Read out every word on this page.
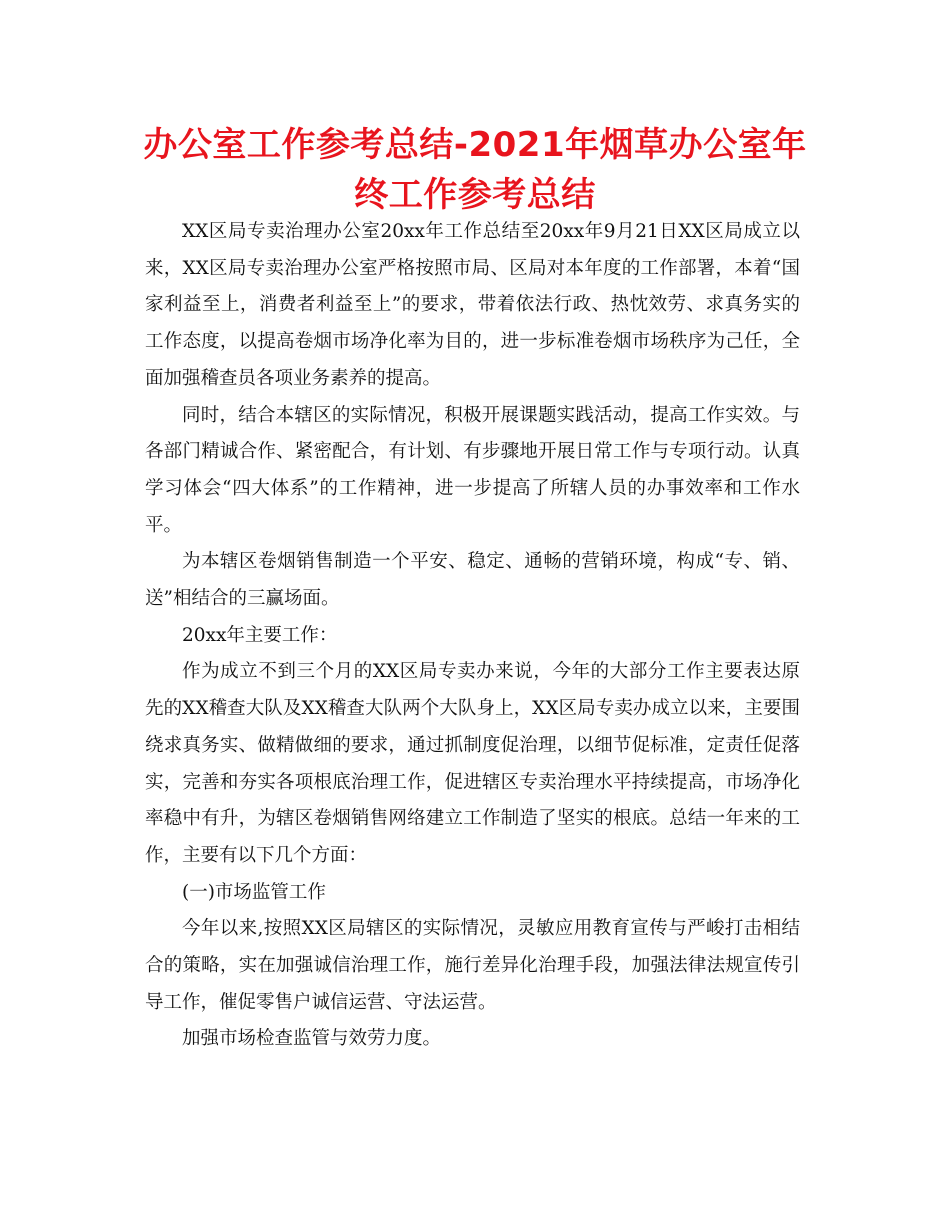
办公室工作参考总结-2021年烟草办公室年终工作参考总结

XX区局专卖治理办公室20xx年工作总结至20xx年9月21日XX区局成立以来，XX区局专卖治理办公室严格按照市局、区局对本年度的工作部署，本着“国家利益至上，消费者利益至上”的要求，带着依法行政、热忱效劳、求真务实的工作态度，以提高卷烟市场净化率为目的，进一步标准卷烟市场秩序为己任，全面加强稽查员各项业务素养的提高。

同时，结合本辖区的实际情况，积极开展课题实践活动，提高工作实效。与各部门精诚合作、紧密配合，有计划、有步骤地开展日常工作与专项行动。认真学习体会“四大体系”的工作精神，进一步提高了所辖人员的办事效率和工作水平。

为本辖区卷烟销售制造一个平安、稳定、通畅的营销环境，构成“专、销、送”相结合的三赢场面。

20xx年主要工作：

作为成立不到三个月的XX区局专卖办来说，今年的大部分工作主要表达原先的XX稽查大队及XX稽查大队两个大队身上，XX区局专卖办成立以来，主要围绕求真务实、做精做细的要求，通过抓制度促治理，以细节促标准，定责任促落实，完善和夯实各项根底治理工作，促进辖区专卖治理水平持续提高，市场净化率稳中有升，为辖区卷烟销售网络建立工作制造了坚实的根底。总结一年来的工作，主要有以下几个方面：

(一)市场监管工作

今年以来,按照XX区局辖区的实际情况，灵敏应用教育宣传与严峻打击相结合的策略，实在加强诚信治理工作，施行差异化治理手段，加强法律法规宣传引导工作，催促零售户诚信运营、守法运营。

加强市场检查监管与效劳力度。
